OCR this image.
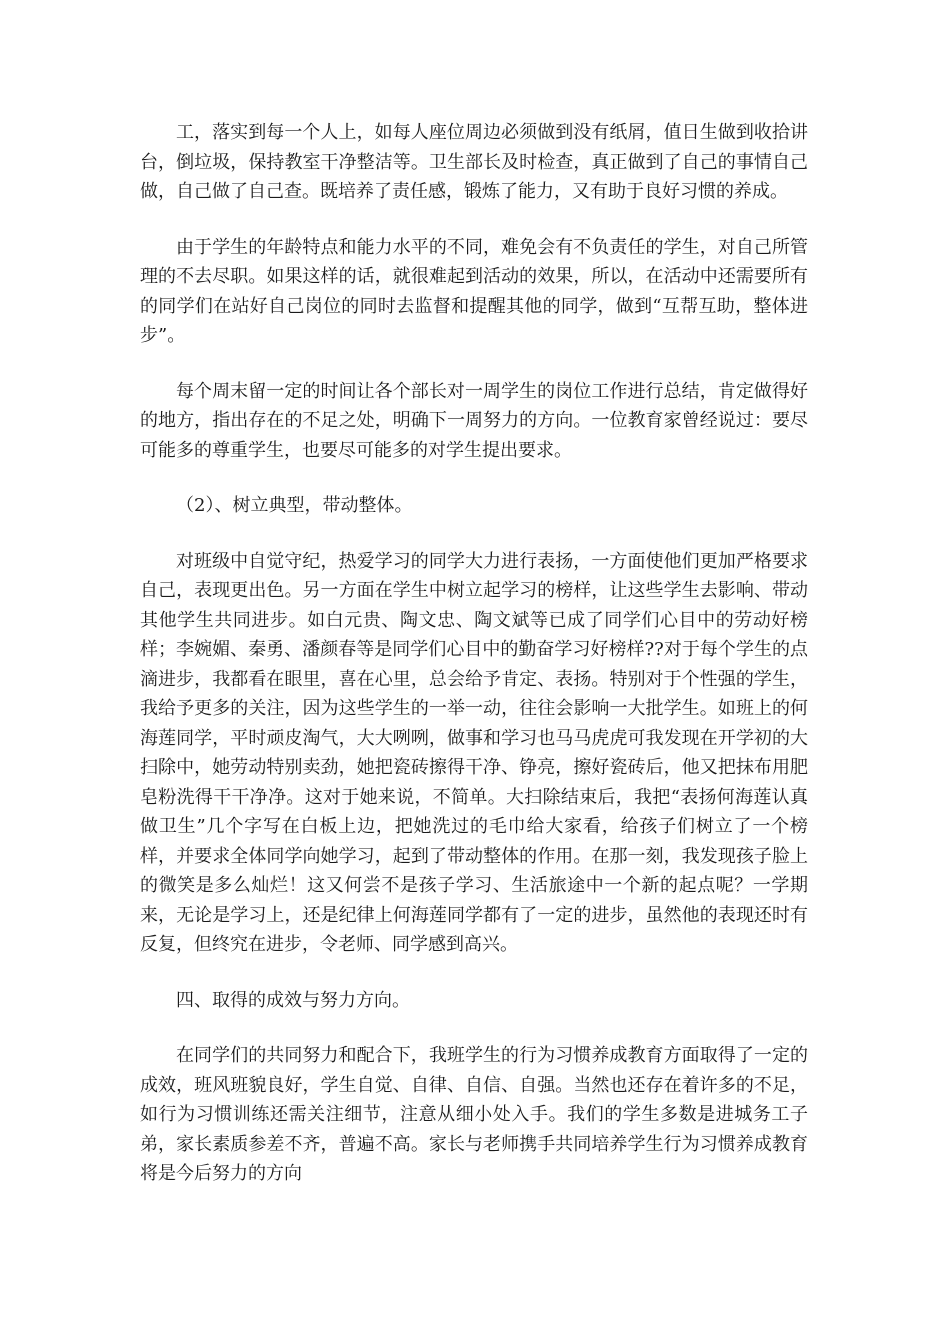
工，落实到每一个人上，如每人座位周边必须做到没有纸屑，值日生做到收拾讲台，倒垃圾，保持教室干净整洁等。卫生部长及时检查，真正做到了自己的事情自己做，自己做了自己查。既培养了责任感，锻炼了能力，又有助于良好习惯的养成。

由于学生的年龄特点和能力水平的不同，难免会有不负责任的学生，对自己所管理的不去尽职。如果这样的话，就很难起到活动的效果，所以，在活动中还需要所有的同学们在站好自己岗位的同时去监督和提醒其他的同学，做到“互帮互助，整体进步”。

每个周末留一定的时间让各个部长对一周学生的岗位工作进行总结，肯定做得好的地方，指出存在的不足之处，明确下一周努力的方向。一位教育家曾经说过：要尽可能多的尊重学生，也要尽可能多的对学生提出要求。

（2）、树立典型，带动整体。

对班级中自觉守纪，热爱学习的同学大力进行表扬，一方面使他们更加严格要求自己，表现更出色。另一方面在学生中树立起学习的榜样，让这些学生去影响、带动其他学生共同进步。如白元贵、陶文忠、陶文斌等已成了同学们心目中的劳动好榜样；李婉媚、秦勇、潘颜春等是同学们心目中的勤奋学习好榜样??对于每个学生的点滴进步，我都看在眼里，喜在心里，总会给予肯定、表扬。特别对于个性强的学生，我给予更多的关注，因为这些学生的一举一动，往往会影响一大批学生。如班上的何海莲同学，平时顽皮淘气，大大咧咧，做事和学习也马马虎虎可我发现在开学初的大扫除中，她劳动特别卖劲，她把瓷砖擦得干净、铮亮，擦好瓷砖后，他又把抹布用肥皂粉洗得干干净净。这对于她来说，不简单。大扫除结束后，我把“表扬何海莲认真做卫生”几个字写在白板上边，把她洗过的毛巾给大家看，给孩子们树立了一个榜样，并要求全体同学向她学习，起到了带动整体的作用。在那一刻，我发现孩子脸上的微笑是多么灿烂！这又何尝不是孩子学习、生活旅途中一个新的起点呢？一学期来，无论是学习上，还是纪律上何海莲同学都有了一定的进步，虽然他的表现还时有反复，但终究在进步，令老师、同学感到高兴。

四、取得的成效与努力方向。

在同学们的共同努力和配合下，我班学生的行为习惯养成教育方面取得了一定的成效，班风班貌良好，学生自觉、自律、自信、自强。当然也还存在着许多的不足，如行为习惯训练还需关注细节，注意从细小处入手。我们的学生多数是进城务工子弟，家长素质参差不齐，普遍不高。家长与老师携手共同培养学生行为习惯养成教育将是今后努力的方向
